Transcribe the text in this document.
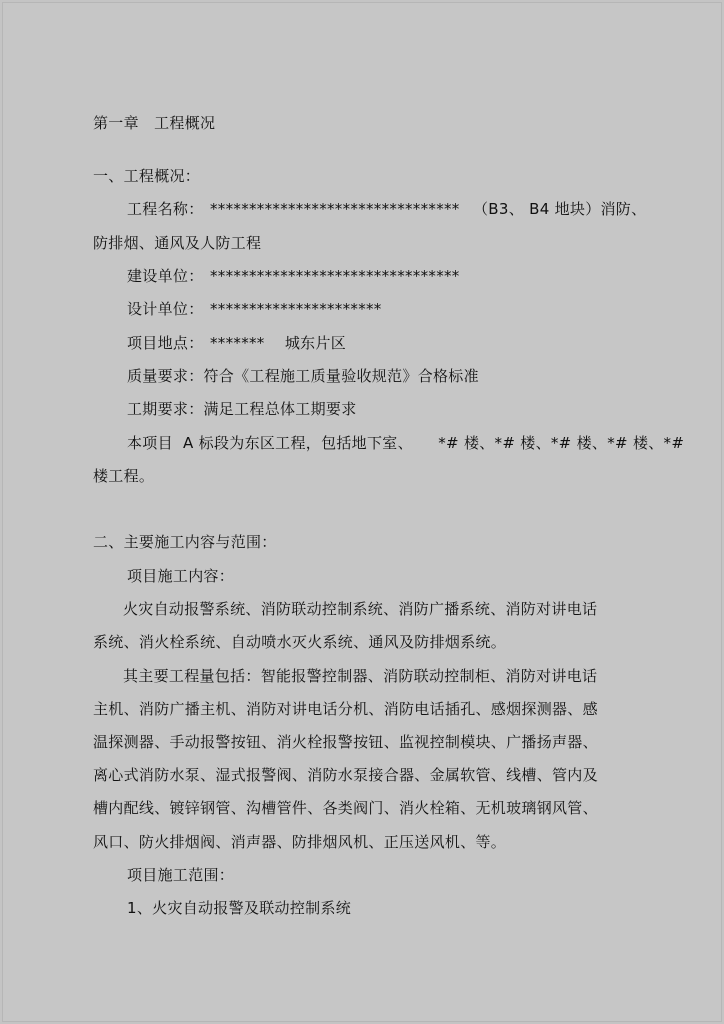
第一章   工程概况
一、工程概况：
工程名称： ******************************** （B3、 B4 地块）消防、
防排烟、通风及人防工程
建设单位： ********************************
设计单位： **********************
项目地点： *******    城东片区
质量要求：符合《工程施工质量验收规范》合格标准
工期要求：满足工程总体工期要求
本项目  A 标段为东区工程，包括地下室、     *# 楼、*# 楼、*# 楼、*# 楼、*#
楼工程。
二、主要施工内容与范围：
项目施工内容：
火灾自动报警系统、消防联动控制系统、消防广播系统、消防对讲电话
系统、消火栓系统、自动喷水灭火系统、通风及防排烟系统。
其主要工程量包括：智能报警控制器、消防联动控制柜、消防对讲电话
主机、消防广播主机、消防对讲电话分机、消防电话插孔、感烟探测器、感
温探测器、手动报警按钮、消火栓报警按钮、监视控制模块、广播扬声器、
离心式消防水泵、湿式报警阀、消防水泵接合器、金属软管、线槽、管内及
槽内配线、镀锌钢管、沟槽管件、各类阀门、消火栓箱、无机玻璃钢风管、
风口、防火排烟阀、消声器、防排烟风机、正压送风机、等。
项目施工范围：
1、火灾自动报警及联动控制系统
